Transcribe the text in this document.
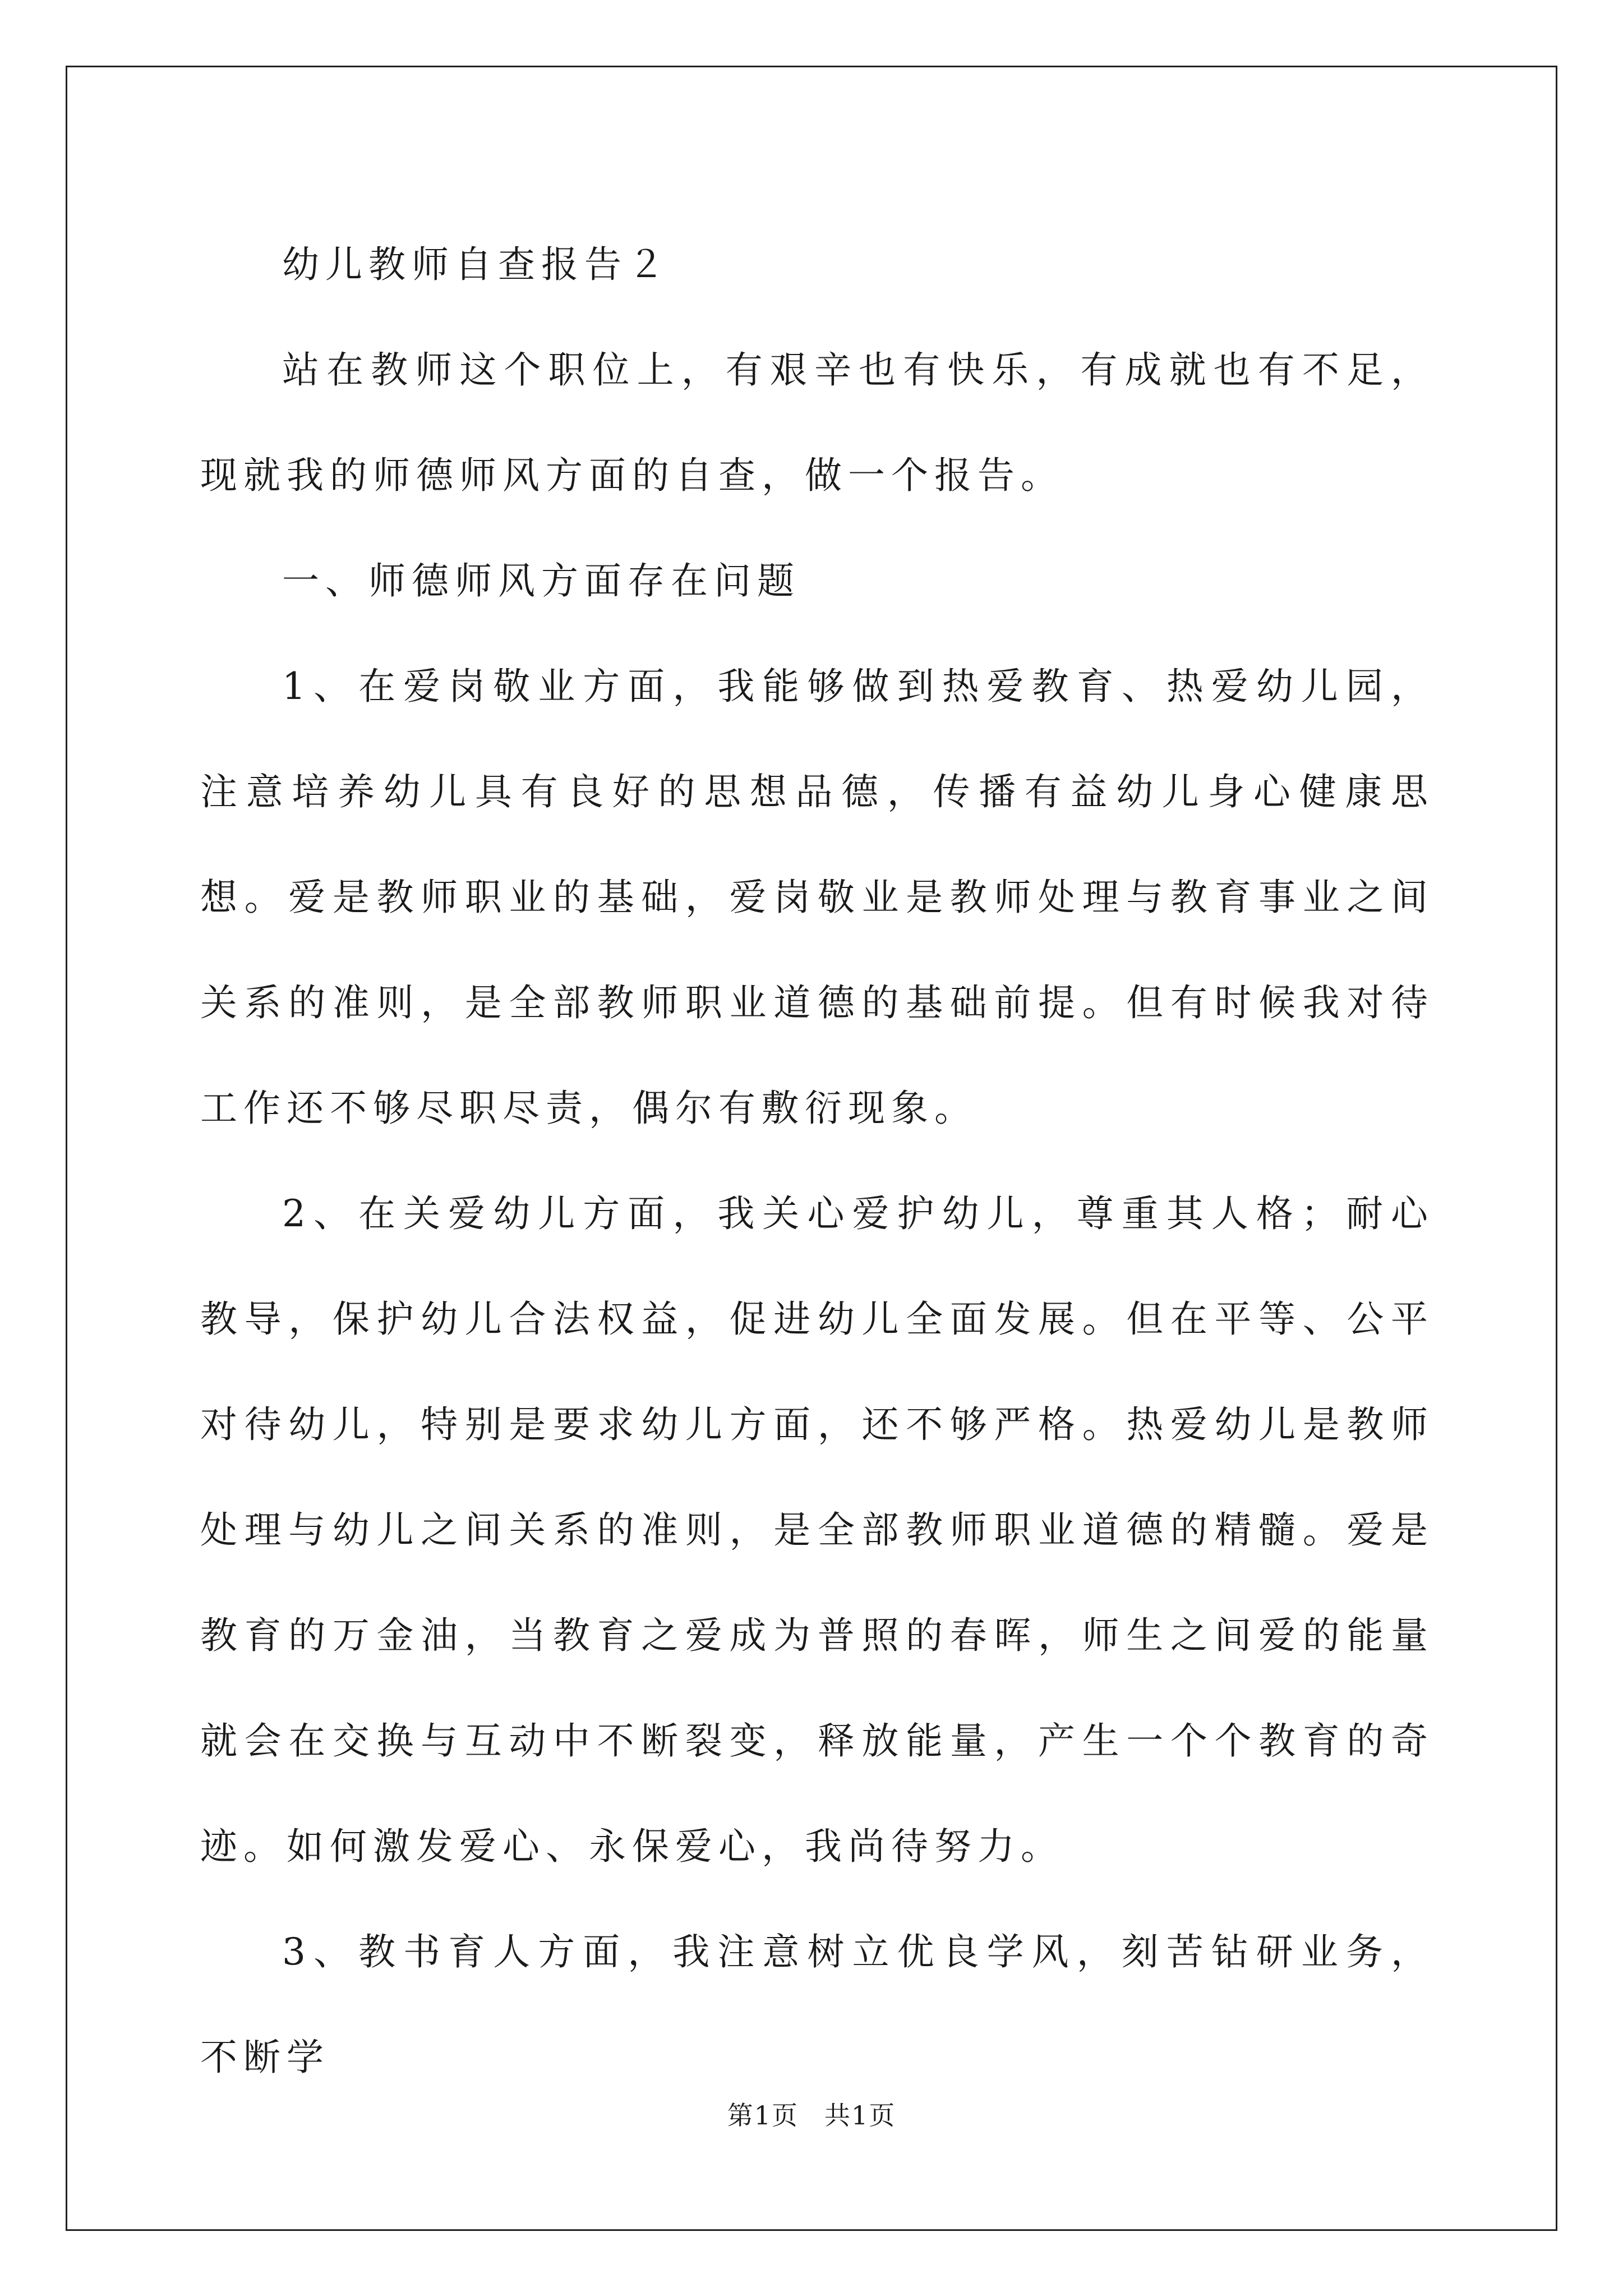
幼儿教师自查报告２

站在教师这个职位上，有艰辛也有快乐，有成就也有不足，现就我的师德师风方面的自查，做一个报告。

一、师德师风方面存在问题

1、在爱岗敬业方面，我能够做到热爱教育、热爱幼儿园，注意培养幼儿具有良好的思想品德，传播有益幼儿身心健康思想。爱是教师职业的基础，爱岗敬业是教师处理与教育事业之间关系的准则，是全部教师职业道德的基础前提。但有时候我对待工作还不够尽职尽责，偶尔有敷衍现象。

2、在关爱幼儿方面，我关心爱护幼儿，尊重其人格；耐心教导，保护幼儿合法权益，促进幼儿全面发展。但在平等、公平对待幼儿，特别是要求幼儿方面，还不够严格。热爱幼儿是教师处理与幼儿之间关系的准则，是全部教师职业道德的精髓。爱是教育的万金油，当教育之爱成为普照的春晖，师生之间爱的能量就会在交换与互动中不断裂变，释放能量，产生一个个教育的奇迹。如何激发爱心、永保爱心，我尚待努力。

3、教书育人方面，我注意树立优良学风，刻苦钻研业务，不断学

第1页 共1页
